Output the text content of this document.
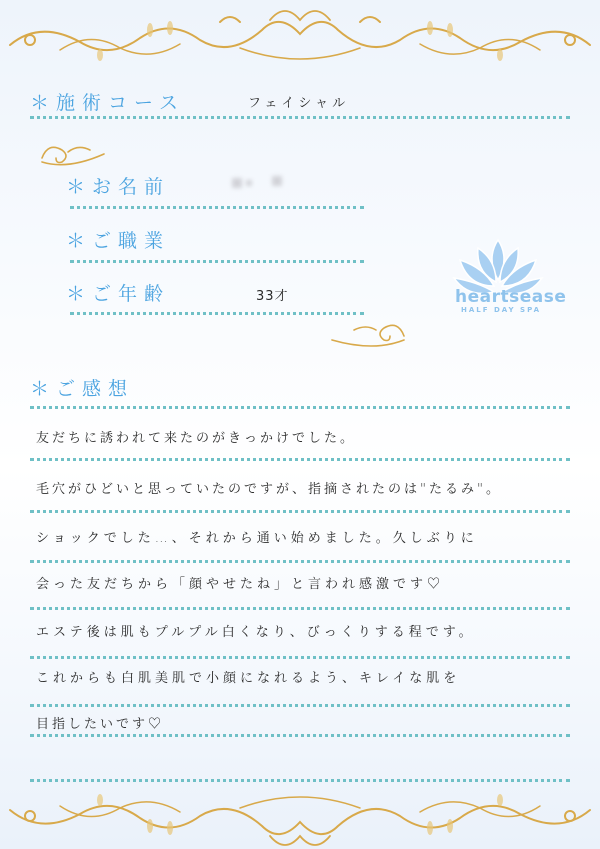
＊施術コース	フェイシャル
＊お名前
＊ご職業
＊ご年齢	33才	heartsease
HALF DAY SPA
＊ご感想
友だちに誘われて来たのがきっかけでした。
毛穴がひどいと思っていたのですが、指摘されたのは"たるみ"。
ショックでした…、それから通い始めました。久しぶりに
会った友だちから「顔やせたね」と言われ感激です♡
エステ後は肌もプルプル白くなり、びっくりする程です。
これからも白肌美肌で小顔になれるよう、キレイな肌を
目指したいです♡
